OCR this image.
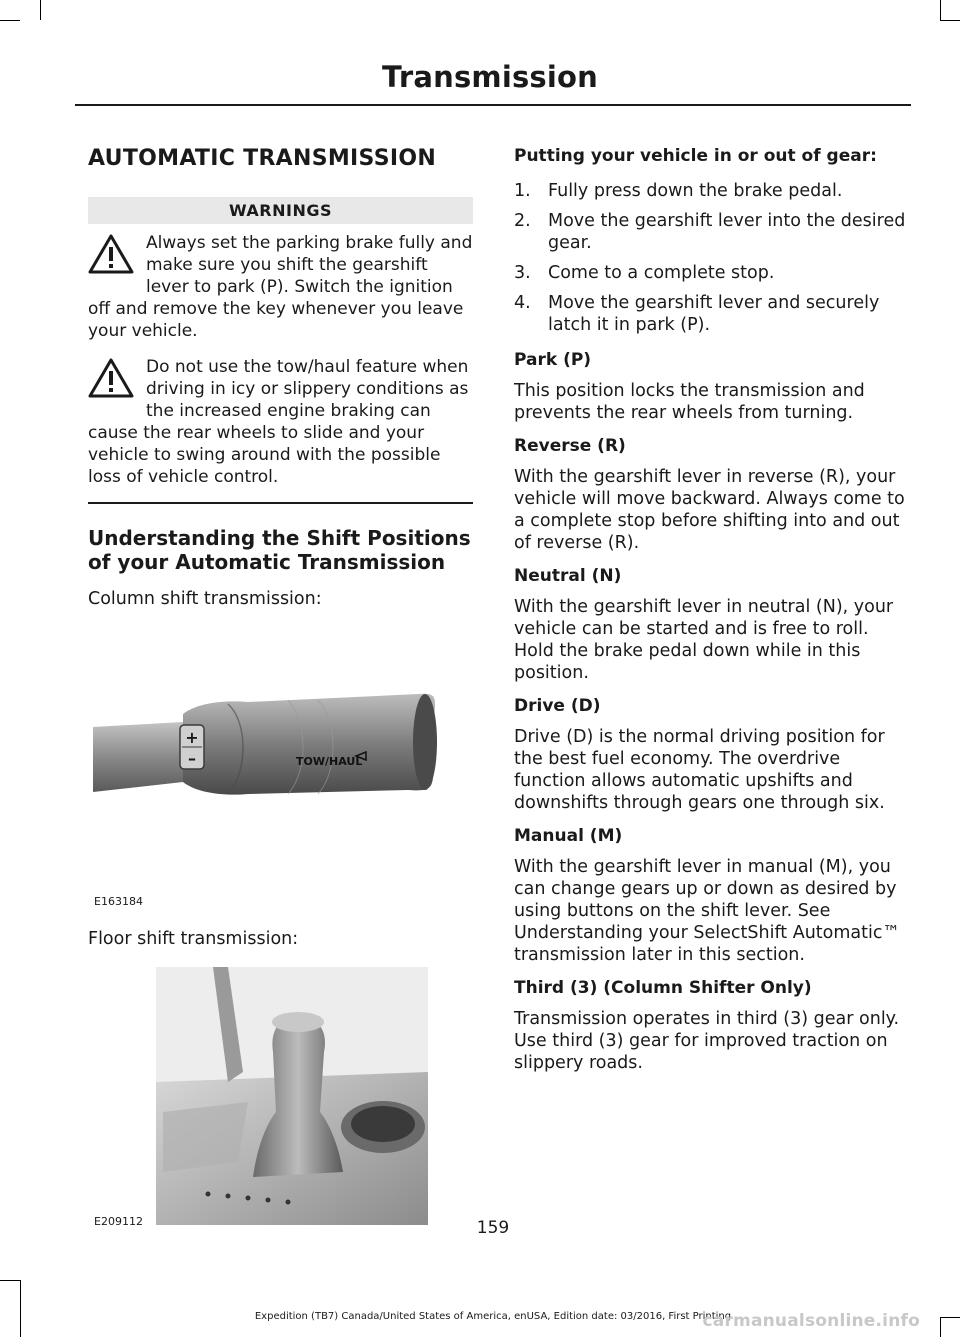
Transmission
AUTOMATIC TRANSMISSION
WARNINGS
Always set the parking brake fully and make sure you shift the gearshift lever to park (P). Switch the ignition off and remove the key whenever you leave your vehicle.
Do not use the tow/haul feature when driving in icy or slippery conditions as the increased engine braking can cause the rear wheels to slide and your vehicle to swing around with the possible loss of vehicle control.
Understanding the Shift Positions of your Automatic Transmission

Column shift transmission:

+
–	TOW/HAUL
E163184

Floor shift transmission:

E209112
Putting your vehicle in or out of gear:
1. Fully press down the brake pedal.
2. Move the gearshift lever into the desired gear.
3. Come to a complete stop.
4. Move the gearshift lever and securely latch it in park (P).
Park (P)

This position locks the transmission and prevents the rear wheels from turning.

Reverse (R)

With the gearshift lever in reverse (R), your vehicle will move backward. Always come to a complete stop before shifting into and out of reverse (R).

Neutral (N)

With the gearshift lever in neutral (N), your vehicle can be started and is free to roll. Hold the brake pedal down while in this position.

Drive (D)

Drive (D) is the normal driving position for the best fuel economy. The overdrive function allows automatic upshifts and downshifts through gears one through six.

Manual (M)

With the gearshift lever in manual (M), you can change gears up or down as desired by using buttons on the shift lever. See Understanding your SelectShift Automatic™ transmission later in this section.

Third (3) (Column Shifter Only)

Transmission operates in third (3) gear only. Use third (3) gear for improved traction on slippery roads.

159
Expedition (TB7) Canada/United States of America, enUSA, Edition date: 03/2016, First Printing
carmanualsonline.info
